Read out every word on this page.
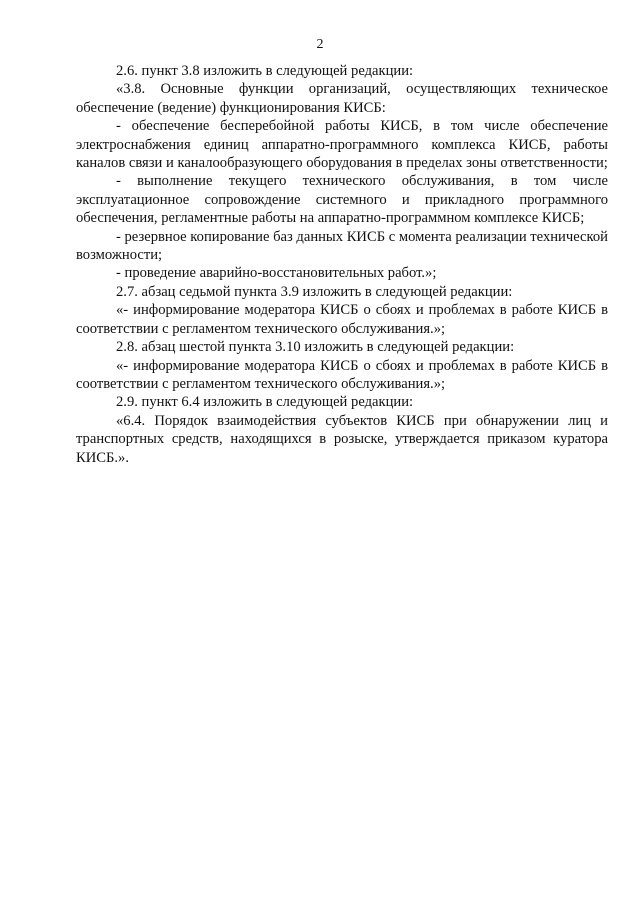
2

2.6. пункт 3.8 изложить в следующей редакции:

«3.8. Основные функции организаций, осуществляющих техническое обеспечение (ведение) функционирования КИСБ:

- обеспечение бесперебойной работы КИСБ, в том числе обеспечение электроснабжения единиц аппаратно-программного комплекса КИСБ, работы каналов связи и каналообразующего оборудования в пределах зоны ответственности;

- выполнение текущего технического обслуживания, в том числе эксплуатационное сопровождение системного и прикладного программного обеспечения, регламентные работы на аппаратно-программном комплексе КИСБ;

- резервное копирование баз данных КИСБ с момента реализации технической возможности;

- проведение аварийно-восстановительных работ.»;

2.7. абзац седьмой пункта 3.9 изложить в следующей редакции:

«- информирование модератора КИСБ о сбоях и проблемах в работе КИСБ в соответствии с регламентом технического обслуживания.»;

2.8. абзац шестой пункта 3.10 изложить в следующей редакции:

«- информирование модератора КИСБ о сбоях и проблемах в работе КИСБ в соответствии с регламентом технического обслуживания.»;

2.9. пункт 6.4 изложить в следующей редакции:

«6.4. Порядок взаимодействия субъектов КИСБ при обнаружении лиц и транспортных средств, находящихся в розыске, утверждается приказом куратора КИСБ.».
